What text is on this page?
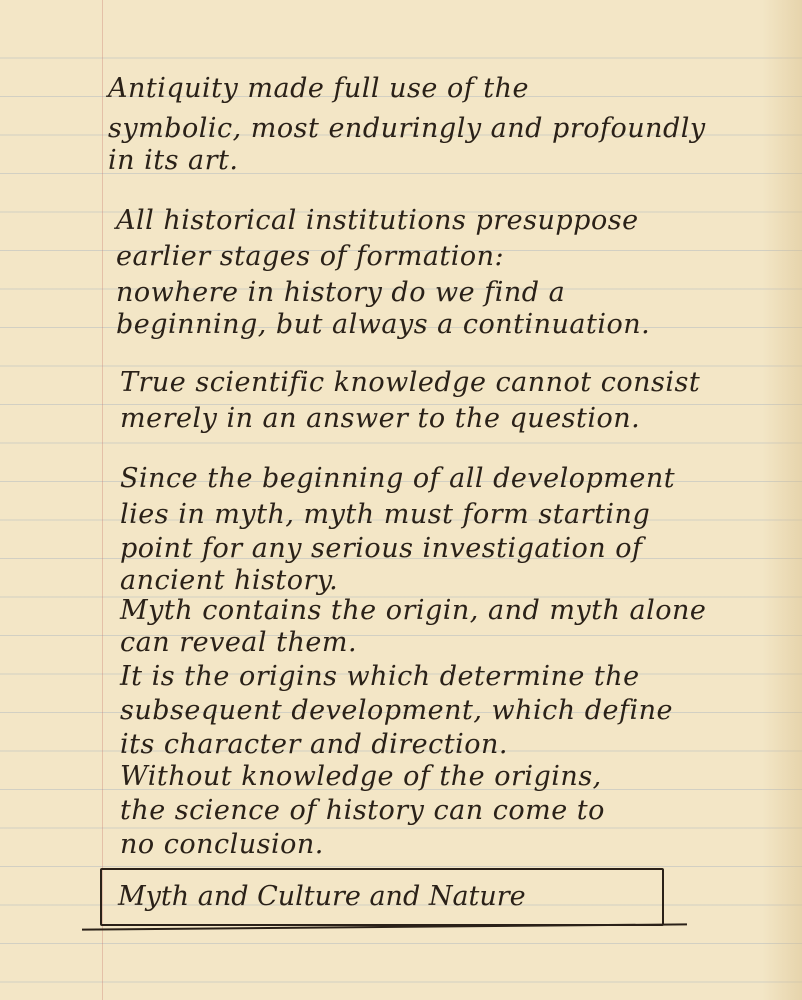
Antiquity made full use of the

symbolic, most enduringly and profoundly

in its art.

All historical institutions presuppose

earlier stages of formation:

nowhere in history do we find a

beginning, but always a continuation.

True scientific knowledge cannot consist

merely in an answer to the question.

Since the beginning of all development

lies in myth, myth must form starting

point for any serious investigation of

ancient history.

Myth contains the origin, and myth alone

can reveal them.

It is the origins which determine the

subsequent development, which define

its character and direction.

Without knowledge of the origins,

the science of history can come to

no conclusion.

Myth and Culture and Nature
